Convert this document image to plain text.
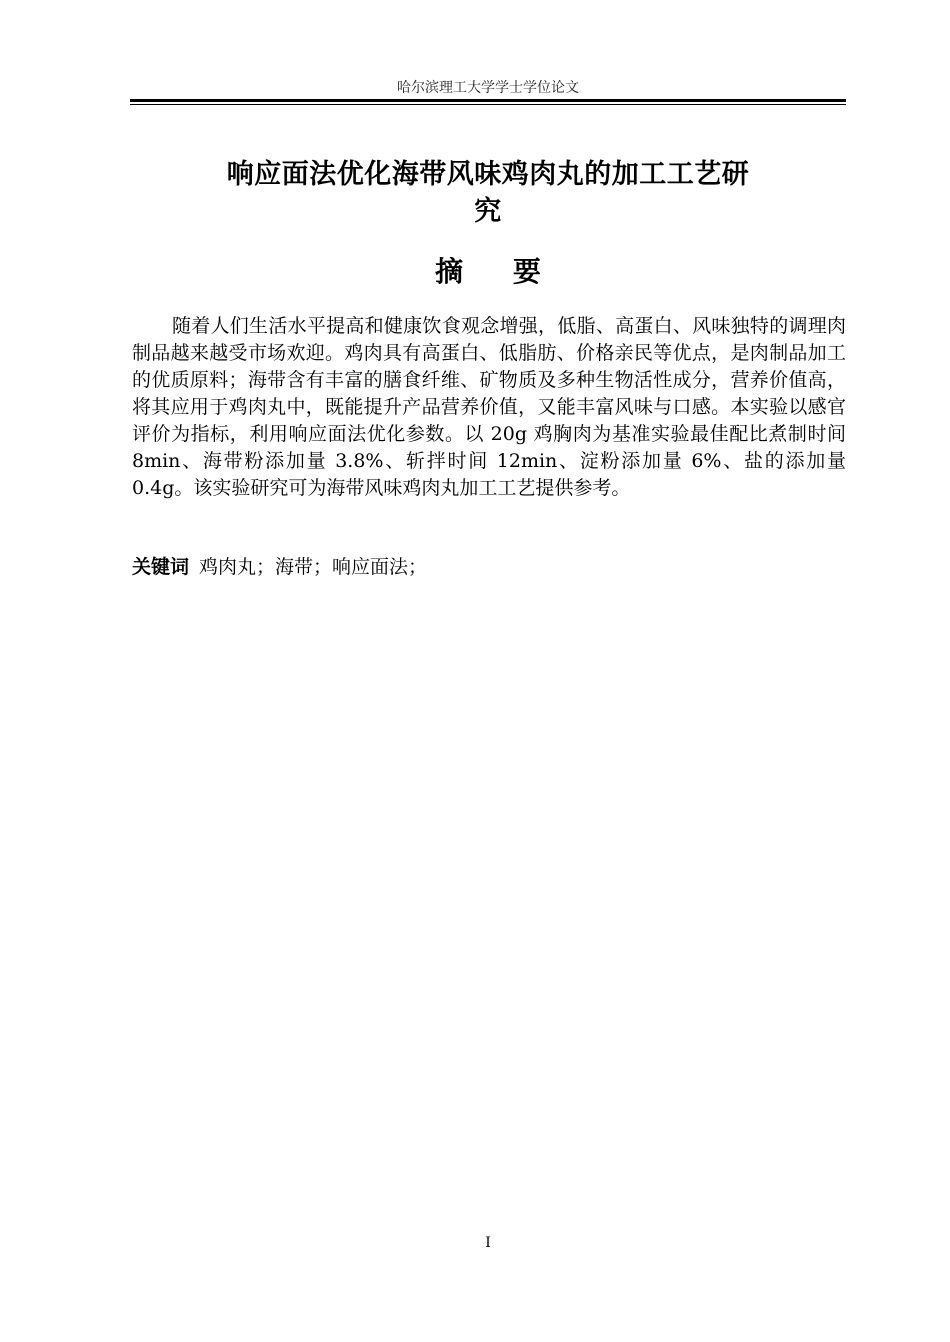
哈尔滨理工大学学士学位论文
响应面法优化海带风味鸡肉丸的加工工艺研
究
摘 要
随着人们生活水平提高和健康饮食观念增强，低脂、高蛋白、风味独特的调理肉制品越来越受市场欢迎。鸡肉具有高蛋白、低脂肪、价格亲民等优点，是肉制品加工的优质原料；海带含有丰富的膳食纤维、矿物质及多种生物活性成分，营养价值高，将其应用于鸡肉丸中，既能提升产品营养价值，又能丰富风味与口感。本实验以感官评价为指标，利用响应面法优化参数。以 20g 鸡胸肉为基准实验最佳配比煮制时间 8min、海带粉添加量 3.8%、斩拌时间 12min、淀粉添加量 6%、盐的添加量 0.4g。该实验研究可为海带风味鸡肉丸加工工艺提供参考。
关键词 鸡肉丸；海带；响应面法；
I
